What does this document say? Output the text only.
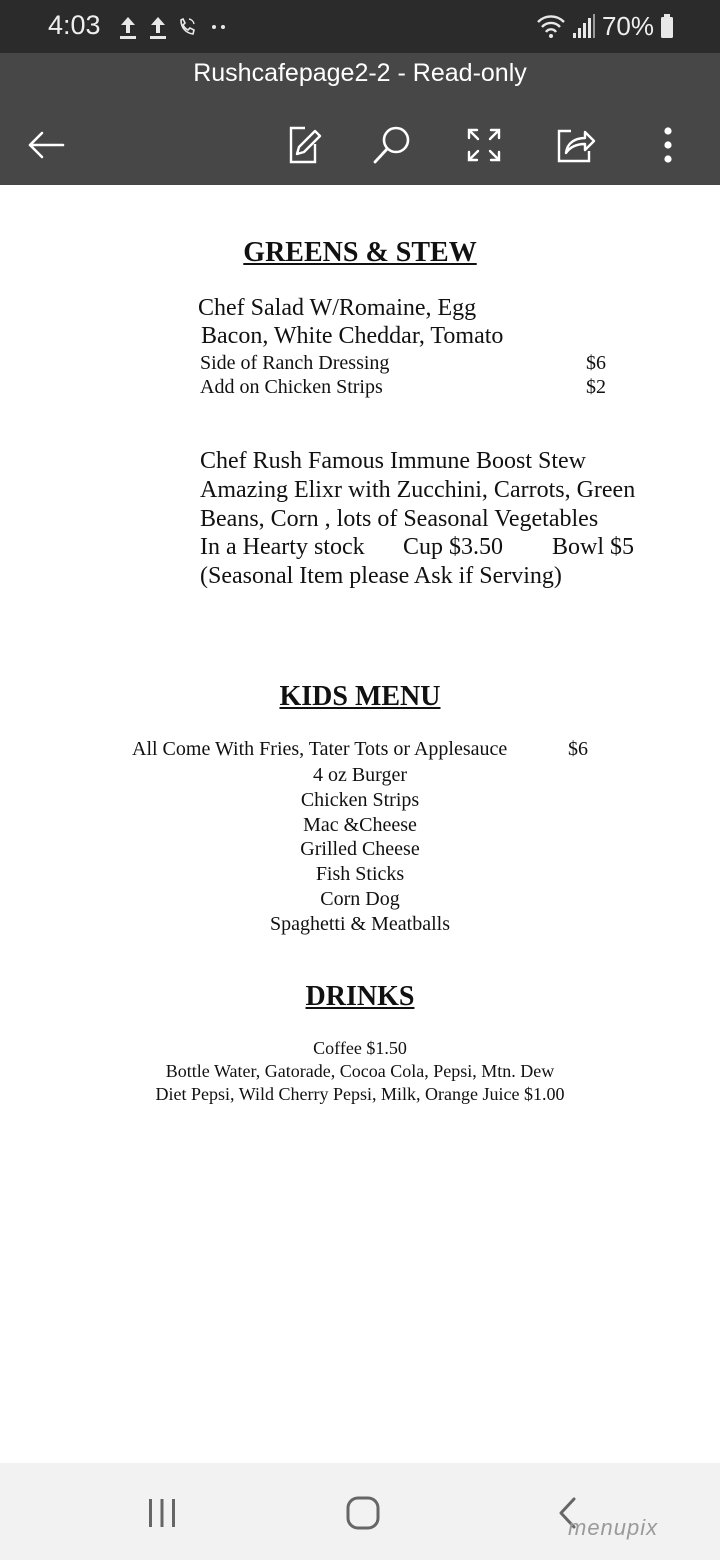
4:03	70%
Rushcafepage2-2 - Read-only
GREENS & STEW
Chef Salad W/Romaine, Egg
Bacon, White Cheddar, Tomato
Side of Ranch Dressing	$6
Add on Chicken Strips	$2
Chef Rush Famous Immune Boost Stew
Amazing Elixr with Zucchini, Carrots, Green
Beans, Corn , lots of Seasonal Vegetables
In a Hearty stock Cup $3.50 Bowl $5
(Seasonal Item please Ask if Serving)
KIDS MENU
All Come With Fries, Tater Tots or Applesauce	$6
4 oz Burger
Chicken Strips
Mac &Cheese
Grilled Cheese
Fish Sticks
Corn Dog
Spaghetti & Meatballs
DRINKS
Coffee $1.50
Bottle Water, Gatorade, Cocoa Cola, Pepsi, Mtn. Dew
Diet Pepsi, Wild Cherry Pepsi, Milk, Orange Juice $1.00
menupix
